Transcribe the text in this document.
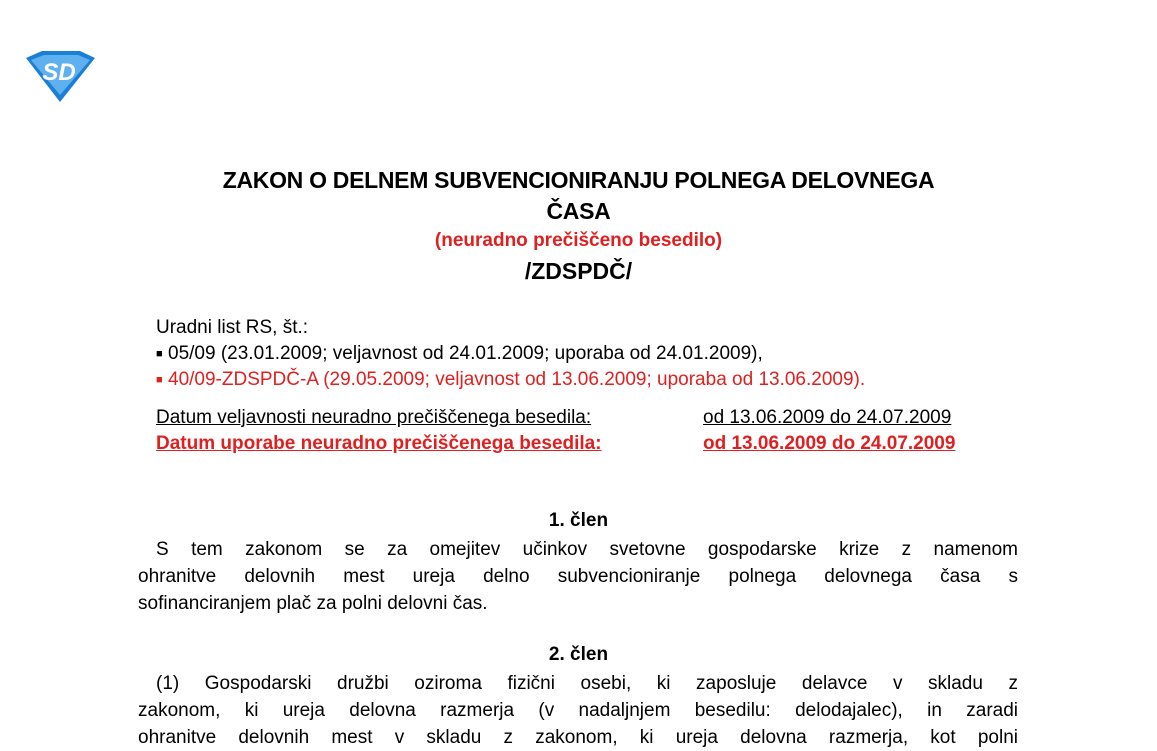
SD
ZAKON O DELNEM SUBVENCIONIRANJU POLNEGA DELOVNEGA
ČASA
(neuradno prečiščeno besedilo)
/ZDSPDČ/
Uradni list RS, št.:
■ 05/09 (23.01.2009; veljavnost od 24.01.2009; uporaba od 24.01.2009),
■ 40/09-ZDSPDČ-A (29.05.2009; veljavnost od 13.06.2009; uporaba od 13.06.2009).
Datum veljavnosti neuradno prečiščenega besedila:	od 13.06.2009 do 24.07.2009
Datum uporabe neuradno prečiščenega besedila:	od 13.06.2009 do 24.07.2009
1. člen
S tem zakonom se za omejitev učinkov svetovne gospodarske krize z namenom
ohranitve delovnih mest ureja delno subvencioniranje polnega delovnega časa s
sofinanciranjem plač za polni delovni čas.
2. člen
(1) Gospodarski družbi oziroma fizični osebi, ki zaposluje delavce v skladu z
zakonom, ki ureja delovna razmerja (v nadaljnjem besedilu: delodajalec), in zaradi
ohranitve delovnih mest v skladu z zakonom, ki ureja delovna razmerja, kot polni
